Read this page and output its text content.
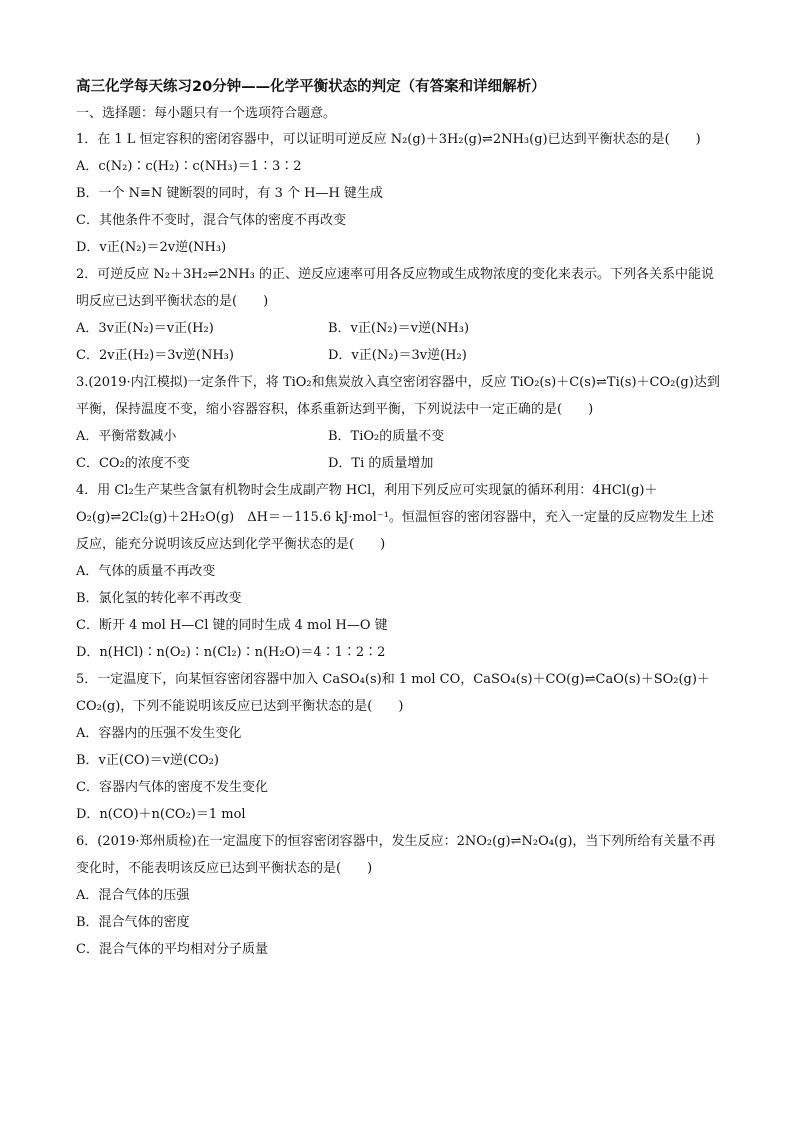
高三化学每天练习20分钟——化学平衡状态的判定（有答案和详细解析）
一、选择题：每小题只有一个选项符合题意。
1．在 1 L 恒定容积的密闭容器中，可以证明可逆反应 N₂(g)＋3H₂(g)⇌2NH₃(g)已达到平衡状态的是(　　)
A．c(N₂)∶c(H₂)∶c(NH₃)＝1∶3∶2
B．一个 N≡N 键断裂的同时，有 3 个 H—H 键生成
C．其他条件不变时，混合气体的密度不再改变
D．v正(N₂)＝2v逆(NH₃)
2．可逆反应 N₂＋3H₂⇌2NH₃ 的正、逆反应速率可用各反应物或生成物浓度的变化来表示。下列各关系中能说明反应已达到平衡状态的是(　　)
A．3v正(N₂)＝v正(H₂)	B．v正(N₂)＝v逆(NH₃)
C．2v正(H₂)＝3v逆(NH₃)	D．v正(N₂)＝3v逆(H₂)
3.(2019·内江模拟)一定条件下，将 TiO₂和焦炭放入真空密闭容器中，反应 TiO₂(s)＋C(s)⇌Ti(s)＋CO₂(g)达到平衡，保持温度不变，缩小容器容积，体系重新达到平衡，下列说法中一定正确的是(　　)
A．平衡常数减小	B．TiO₂的质量不变
C．CO₂的浓度不变	D．Ti 的质量增加
4．用 Cl₂生产某些含氯有机物时会生成副产物 HCl，利用下列反应可实现氯的循环利用：4HCl(g)＋O₂(g)⇌2Cl₂(g)＋2H₂O(g)　ΔH＝－115.6 kJ·mol⁻¹。恒温恒容的密闭容器中，充入一定量的反应物发生上述反应，能充分说明该反应达到化学平衡状态的是(　　)
A．气体的质量不再改变
B．氯化氢的转化率不再改变
C．断开 4 mol H—Cl 键的同时生成 4 mol H—O 键
D．n(HCl)∶n(O₂)∶n(Cl₂)∶n(H₂O)＝4∶1∶2∶2
5．一定温度下，向某恒容密闭容器中加入 CaSO₄(s)和 1 mol CO，CaSO₄(s)＋CO(g)⇌CaO(s)＋SO₂(g)＋CO₂(g)，下列不能说明该反应已达到平衡状态的是(　　)
A．容器内的压强不发生变化
B．v正(CO)＝v逆(CO₂)
C．容器内气体的密度不发生变化
D．n(CO)＋n(CO₂)＝1 mol
6．(2019·郑州质检)在一定温度下的恒容密闭容器中，发生反应：2NO₂(g)⇌N₂O₄(g)，当下列所给有关量不再变化时，不能表明该反应已达到平衡状态的是(　　)
A．混合气体的压强
B．混合气体的密度
C．混合气体的平均相对分子质量
